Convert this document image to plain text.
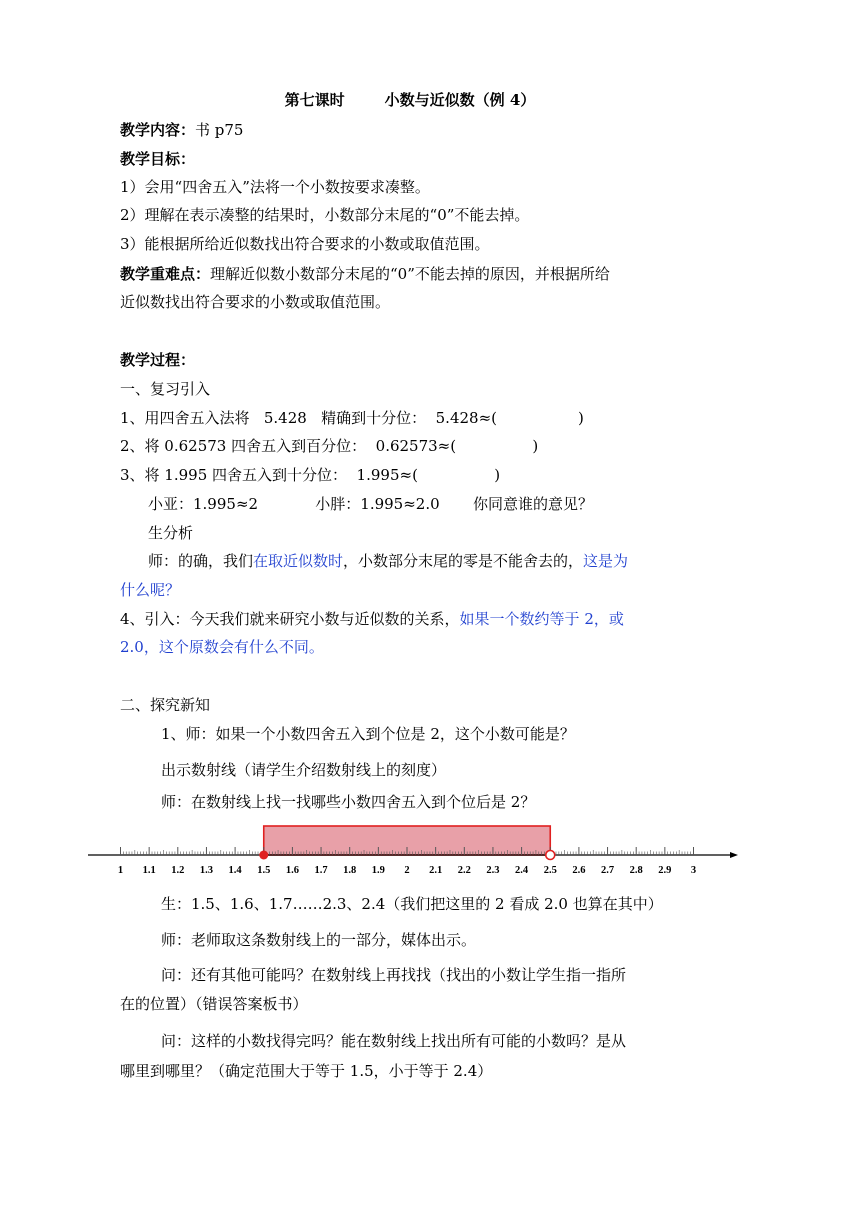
第七课时	小数与近似数（例 4）
教学内容：书 p75
教学目标：
1）会用“四舍五入”法将一个小数按要求凑整。
2）理解在表示凑整的结果时，小数部分末尾的“0”不能去掉。
3）能根据所给近似数找出符合要求的小数或取值范围。
教学重难点：理解近似数小数部分末尾的“0”不能去掉的原因，并根据所给
近似数找出符合要求的小数或取值范围。
教学过程：
一、复习引入
1、用四舍五入法将   5.428   精确到十分位：  5.428≈(                 )
2、将 0.62573 四舍五入到百分位：  0.62573≈(                )
3、将 1.995 四舍五入到十分位：  1.995≈(                )
小亚：1.995≈2            小胖：1.995≈2.0       你同意谁的意见？
生分析
师：的确，我们在取近似数时，小数部分末尾的零是不能舍去的，这是为
什么呢？
4、引入：今天我们就来研究小数与近似数的关系，如果一个数约等于 2，或
2.0，这个原数会有什么不同。
二、探究新知
1、师：如果一个小数四舍五入到个位是 2，这个小数可能是？
出示数射线（请学生介绍数射线上的刻度）
师：在数射线上找一找哪些小数四舍五入到个位后是 2？
1 1.1 1.2 1.3 1.4 1.5 1.6 1.7 1.8 1.9 2 2.1 2.2 2.3 2.4 2.5 2.6 2.7 2.8 2.9 3
生：1.5、1.6、1.7……2.3、2.4（我们把这里的 2 看成 2.0 也算在其中）
师：老师取这条数射线上的一部分，媒体出示。
问：还有其他可能吗？在数射线上再找找（找出的小数让学生指一指所
在的位置）（错误答案板书）
问：这样的小数找得完吗？能在数射线上找出所有可能的小数吗？是从
哪里到哪里？（确定范围大于等于 1.5，小于等于 2.4）
